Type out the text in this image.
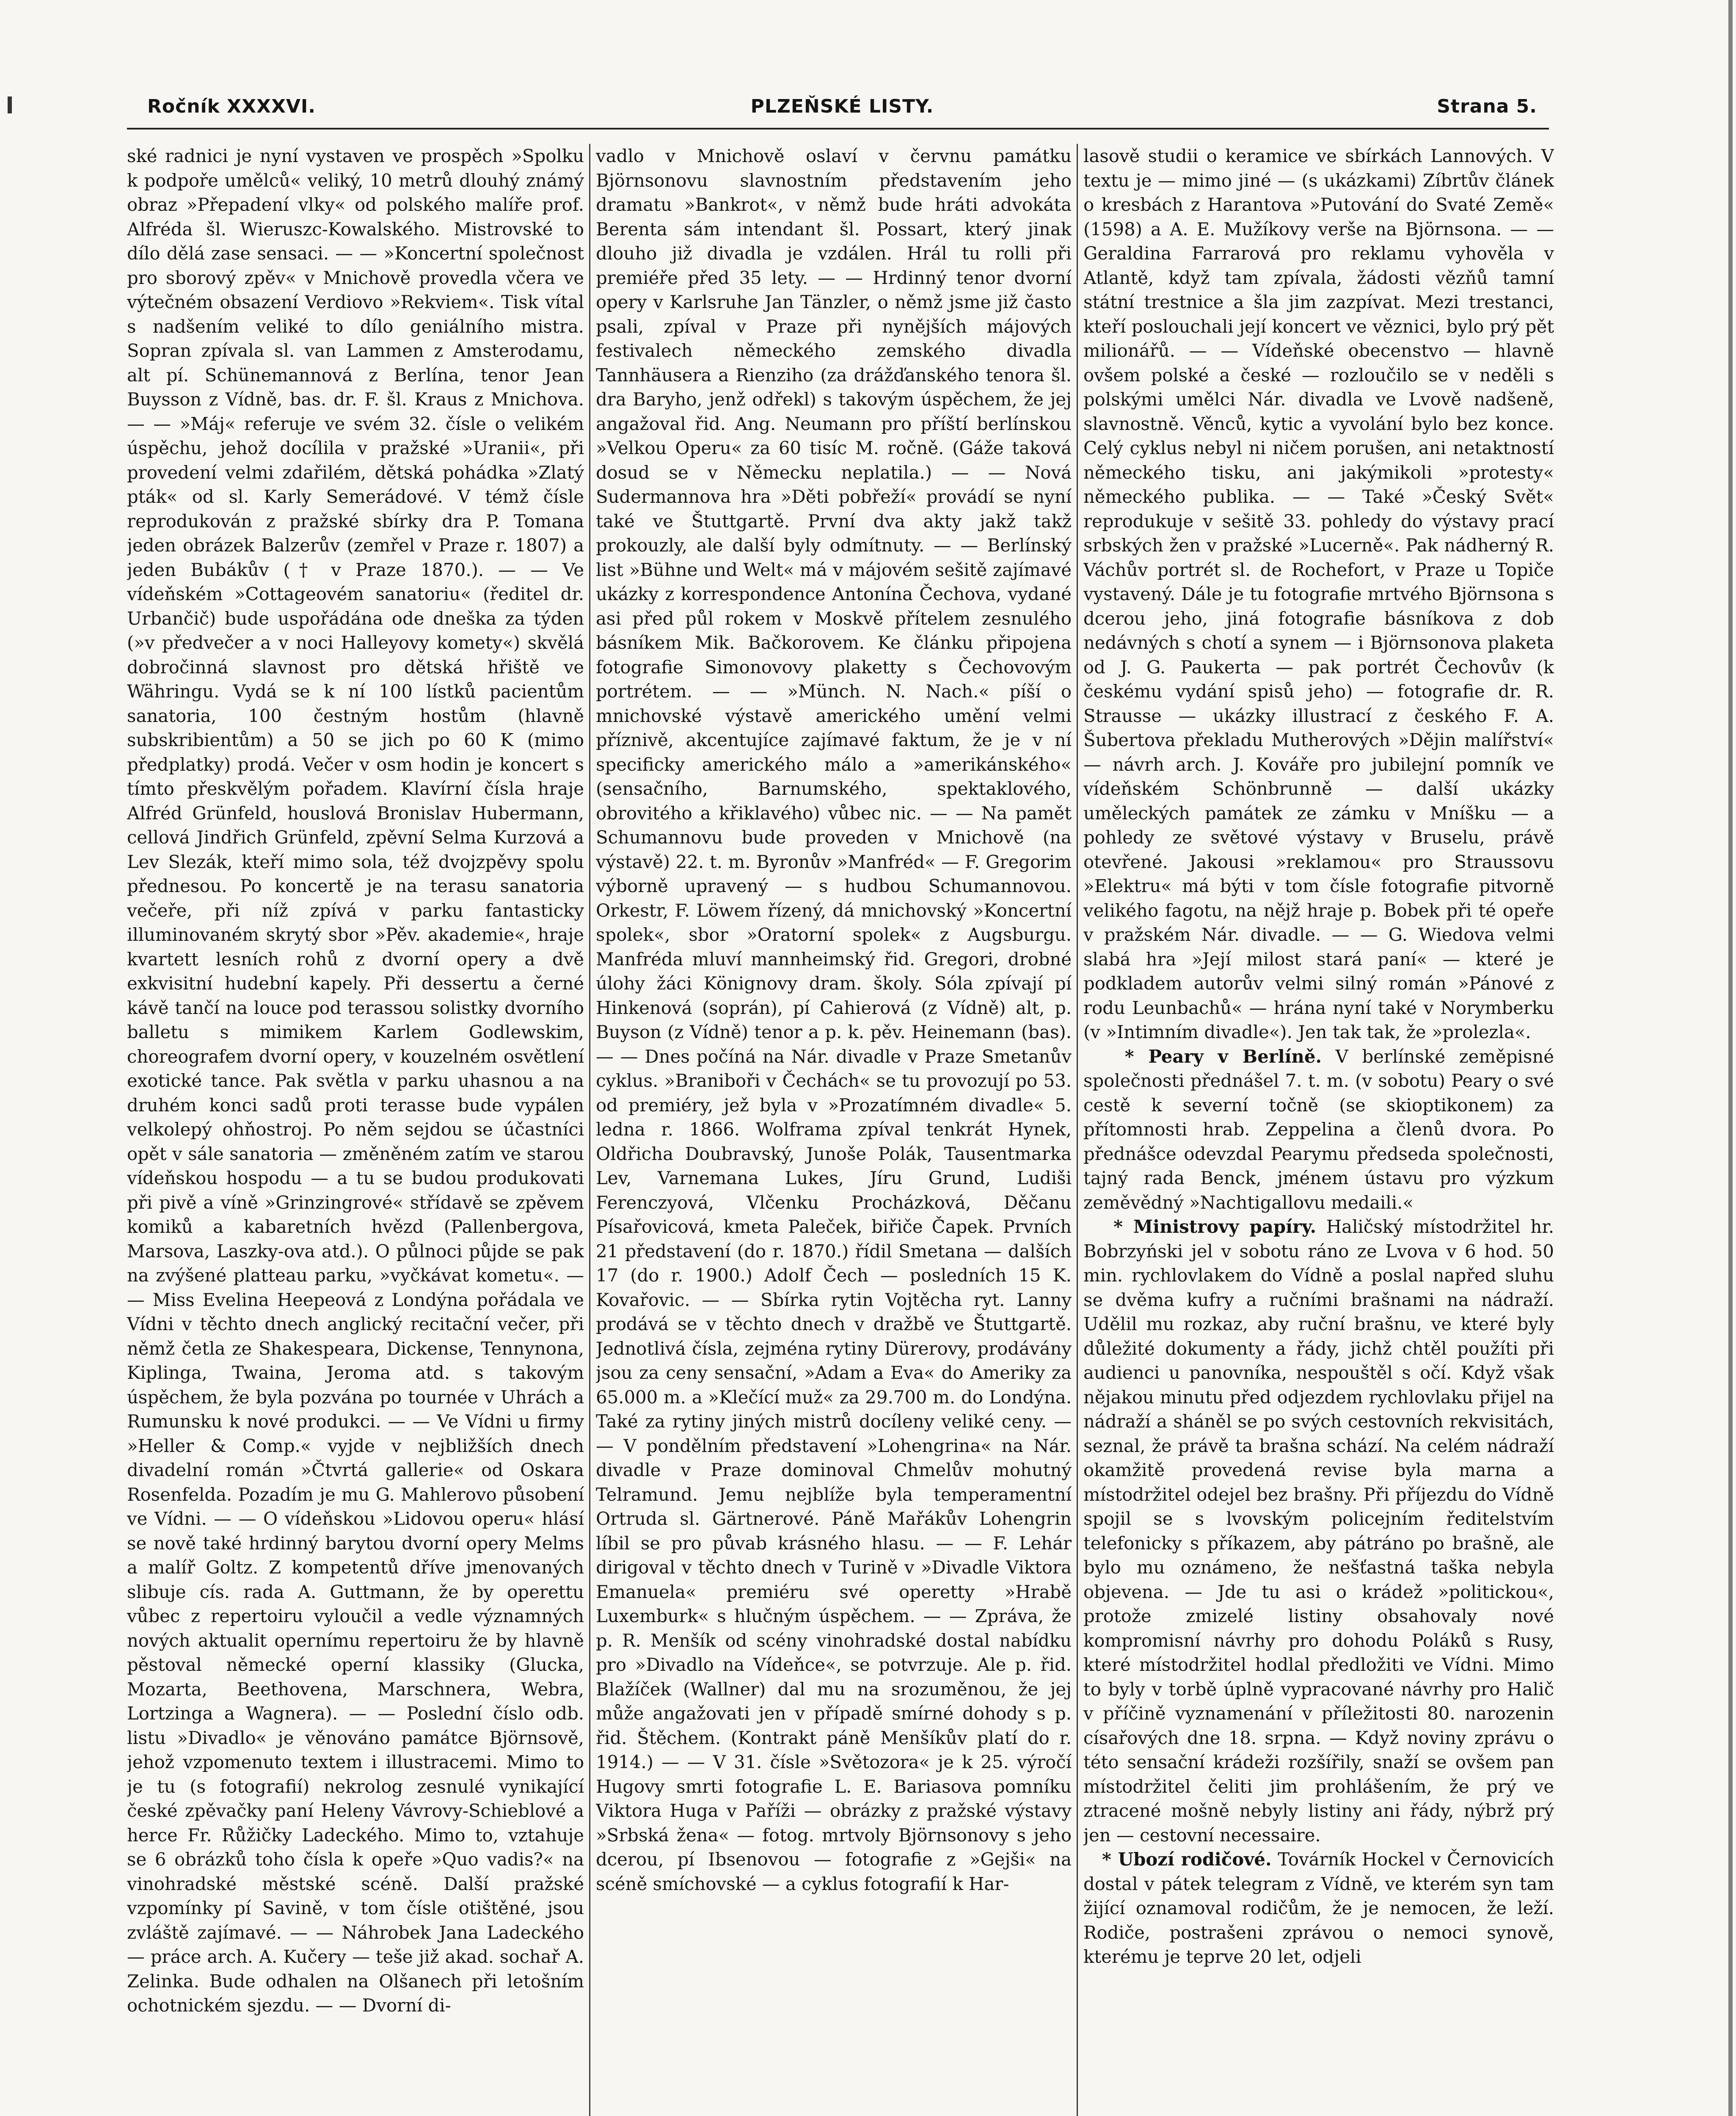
Ročník XXXXVI.	PLZEŇSKÉ LISTY.	Strana 5.

ské radnici je nyní vystaven ve prospěch »Spolku k podpoře umělců« veliký, 10 metrů dlouhý známý obraz »Přepadení vlky« od polského malíře prof. Alfréda šl. Wieruszc-Kowalského. Mistrovské to dílo dělá zase sensaci. — — »Koncertní společnost pro sborový zpěv« v Mnichově provedla včera ve výtečném obsazení Verdiovo »Rekviem«. Tisk vítal s nadšením veliké to dílo geniálního mistra. Sopran zpívala sl. van Lammen z Amsterodamu, alt pí. Schünemannová z Berlína, tenor Jean Buysson z Vídně, bas. dr. F. šl. Kraus z Mnichova. — — »Máj« referuje ve svém 32. čísle o velikém úspěchu, jehož docílila v pražské »Uranii«, při provedení velmi zdařilém, dětská pohádka »Zlatý pták« od sl. Karly Semerádové. V témž čísle reprodukován z pražské sbírky dra P. Tomana jeden obrázek Balzerův (zemřel v Praze r. 1807) a jeden Bubákův († v Praze 1870.). — — Ve vídeňském »Cottageovém sanatoriu« (ředitel dr. Urbančič) bude uspořádána ode dneška za týden (»v předvečer a v noci Halleyovy komety«) skvělá dobročinná slavnost pro dětská hřiště ve Währingu. Vydá se k ní 100 lístků pacientům sanatoria, 100 čestným hostům (hlavně subskribientům) a 50 se jich po 60 K (mimo předplatky) prodá. Večer v osm hodin je koncert s tímto přeskvělým pořadem. Klavírní čísla hraje Alfréd Grünfeld, houslová Bronislav Hubermann, cellová Jindřich Grünfeld, zpěvní Selma Kurzová a Lev Slezák, kteří mimo sola, též dvojzpěvy spolu přednesou. Po koncertě je na terasu sanatoria večeře, při níž zpívá v parku fantasticky illuminovaném skrytý sbor »Pěv. akademie«, hraje kvartett lesních rohů z dvorní opery a dvě exkvisitní hudební kapely. Při dessertu a černé kávě tančí na louce pod terassou solistky dvorního balletu s mimikem Karlem Godlewskim, choreografem dvorní opery, v kouzelném osvětlení exotické tance. Pak světla v parku uhasnou a na druhém konci sadů proti terasse bude vypálen velkolepý ohňostroj. Po něm sejdou se účastníci opět v sále sanatoria — změněném zatím ve starou vídeňskou hospodu — a tu se budou produkovati při pivě a víně »Grinzingrové« střídavě se zpěvem komiků a kabaretních hvězd (Pallenbergova, Marsova, Laszky-ova atd.). O půlnoci půjde se pak na zvýšené platteau parku, »vyčkávat kometu«. — — Miss Evelina Heepeová z Londýna pořádala ve Vídni v těchto dnech anglický recitační večer, při němž četla ze Shakespeara, Dickense, Tennynona, Kiplinga, Twaina, Jeroma atd. s takovým úspěchem, že byla pozvána po tournée v Uhrách a Rumunsku k nové produkci. — — Ve Vídni u firmy »Heller & Comp.« vyjde v nejbližších dnech divadelní román »Čtvrtá gallerie« od Oskara Rosenfelda. Pozadím je mu G. Mahlerovo působení ve Vídni. — — O vídeňskou »Lidovou operu« hlásí se nově také hrdinný barytou dvorní opery Melms a malíř Goltz. Z kompetentů dříve jmenovaných slibuje cís. rada A. Guttmann, že by operettu vůbec z repertoiru vyloučil a vedle významných nových aktualit opernímu repertoiru že by hlavně pěstoval německé operní klassiky (Glucka, Mozarta, Beethovena, Marschnera, Webra, Lortzinga a Wagnera). — — Poslední číslo odb. listu »Divadlo« je věnováno památce Björnsově, jehož vzpomenuto textem i illustracemi. Mimo to je tu (s fotografií) nekrolog zesnulé vynikající české zpěvačky paní Heleny Vávrovy-Schieblové a herce Fr. Růžičky Ladeckého. Mimo to, vztahuje se 6 obrázků toho čísla k opeře »Quo vadis?« na vinohradské městské scéně. Další pražské vzpomínky pí Savině, v tom čísle otištěné, jsou zvláště zajímavé. — — Náhrobek Jana Ladeckého — práce arch. A. Kučery — teše již akad. sochař A. Zelinka. Bude odhalen na Olšanech při letošním ochotnickém sjezdu. — — Dvorní di-

vadlo v Mnichově oslaví v červnu památku Björnsonovu slavnostním představením jeho dramatu »Bankrot«, v němž bude hráti advokáta Berenta sám intendant šl. Possart, který jinak dlouho již divadla je vzdálen. Hrál tu rolli při premiéře před 35 lety. — — Hrdinný tenor dvorní opery v Karlsruhe Jan Tänzler, o němž jsme již často psali, zpíval v Praze při nynějších májových festivalech německého zemského divadla Tannhäusera a Rienziho (za drážďanského tenora šl. dra Baryho, jenž odřekl) s takovým úspěchem, že jej angažoval řid. Ang. Neumann pro příští berlínskou »Velkou Operu« za 60 tisíc M. ročně. (Gáže taková dosud se v Německu neplatila.) — — Nová Sudermannova hra »Děti pobřeží« provádí se nyní také ve Štuttgartě. První dva akty jakž takž prokouzly, ale další byly odmítnuty. — — Berlínský list »Bühne und Welt« má v májovém sešitě zajímavé ukázky z korrespondence Antonína Čechova, vydané asi před půl rokem v Moskvě přítelem zesnulého básníkem Mik. Bačkorovem. Ke článku připojena fotografie Simonovovy plaketty s Čechovovým portrétem. — — »Münch. N. Nach.« píší o mnichovské výstavě amerického umění velmi příznivě, akcentujíce zajímavé faktum, že je v ní specificky amerického málo a »amerikánského« (sensačního, Barnumského, spektaklového, obrovitého a křiklavého) vůbec nic. — — Na pamět Schumannovu bude proveden v Mnichově (na výstavě) 22. t. m. Byronův »Manfréd« — F. Gregorim výborně upravený — s hudbou Schumannovou. Orkestr, F. Löwem řízený, dá mnichovský »Koncertní spolek«, sbor »Oratorní spolek« z Augsburgu. Manfréda mluví mannheimský řid. Gregori, drobné úlohy žáci Könignovy dram. školy. Sóla zpívají pí Hinkenová (soprán), pí Cahierová (z Vídně) alt, p. Buyson (z Vídně) tenor a p. k. pěv. Heinemann (bas). — — Dnes počíná na Nár. divadle v Praze Smetanův cyklus. »Braniboři v Čechách« se tu provozují po 53. od premiéry, jež byla v »Prozatímném divadle« 5. ledna r. 1866. Wolframa zpíval tenkrát Hynek, Oldřicha Doubravský, Junoše Polák, Tausentmarka Lev, Varnemana Lukes, Jíru Grund, Ludiši Ferenczyová, Vlčenku Procházková, Děčanu Písařovicová, kmeta Paleček, biřiče Čapek. Prvních 21 představení (do r. 1870.) řídil Smetana — dalších 17 (do r. 1900.) Adolf Čech — posledních 15 K. Kovařovic. — — Sbírka rytin Vojtěcha ryt. Lanny prodává se v těchto dnech v dražbě ve Štuttgartě. Jednotlivá čísla, zejména rytiny Dürerovy, prodávány jsou za ceny sensační, »Adam a Eva« do Ameriky za 65.000 m. a »Klečící muž« za 29.700 m. do Londýna. Také za rytiny jiných mistrů docíleny veliké ceny. — — V pondělním představení »Lohengrina« na Nár. divadle v Praze dominoval Chmelův mohutný Telramund. Jemu nejblíže byla temperamentní Ortruda sl. Gärtnerové. Páně Mařákův Lohengrin líbil se pro půvab krásného hlasu. — — F. Lehár dirigoval v těchto dnech v Turině v »Divadle Viktora Emanuela« premiéru své operetty »Hrabě Luxemburk« s hlučným úspěchem. — — Zpráva, že p. R. Menšík od scény vinohradské dostal nabídku pro »Divadlo na Vídeňce«, se potvrzuje. Ale p. řid. Blažíček (Wallner) dal mu na srozuměnou, že jej může angažovati jen v případě smírné dohody s p. řid. Štěchem. (Kontrakt páně Menšíkův platí do r. 1914.) — — V 31. čísle »Světozora« je k 25. výročí Hugovy smrti fotografie L. E. Bariasova pomníku Viktora Huga v Paříži — obrázky z pražské výstavy »Srbská žena« — fotog. mrtvoly Björnsonovy s jeho dcerou, pí Ibsenovou — fotografie z »Gejši« na scéně smíchovské — a cyklus fotografií k Har-

lasově studii o keramice ve sbírkách Lannových. V textu je — mimo jiné — (s ukázkami) Zíbrtův článek o kresbách z Harantova »Putování do Svaté Země« (1598) a A. E. Mužíkovy verše na Björnsona. — — Geraldina Farrarová pro reklamu vyhověla v Atlantě, když tam zpívala, žádosti vězňů tamní státní trestnice a šla jim zazpívat. Mezi trestanci, kteří poslouchali její koncert ve věznici, bylo prý pět milionářů. — — Vídeňské obecenstvo — hlavně ovšem polské a české — rozloučilo se v neděli s polskými umělci Nár. divadla ve Lvově nadšeně, slavnostně. Věnců, kytic a vyvolání bylo bez konce. Celý cyklus nebyl ni ničem porušen, ani netaktností německého tisku, ani jakýmikoli »protesty« německého publika. — — Také »Český Svět« reprodukuje v sešitě 33. pohledy do výstavy prací srbských žen v pražské »Lucerně«. Pak nádherný R. Váchův portrét sl. de Rochefort, v Praze u Topiče vystavený. Dále je tu fotografie mrtvého Björnsona s dcerou jeho, jiná fotografie básníkova z dob nedávných s chotí a synem — i Björnsonova plaketa od J. G. Paukerta — pak portrét Čechovův (k českému vydání spisů jeho) — fotografie dr. R. Strausse — ukázky illustrací z českého F. A. Šubertova překladu Mutherových »Dějin malířství« — návrh arch. J. Kováře pro jubilejní pomník ve vídeňském Schönbrunně — další ukázky uměleckých památek ze zámku v Mníšku — a pohledy ze světové výstavy v Bruselu, právě otevřené. Jakousi »reklamou« pro Straussovu »Elektru« má býti v tom čísle fotografie pitvorně velikého fagotu, na nějž hraje p. Bobek při té opeře v pražském Nár. divadle. — — G. Wiedova velmi slabá hra »Její milost stará paní« — které je podkladem autorův velmi silný román »Pánové z rodu Leunbachů« — hrána nyní také v Norymberku (v »Intimním divadle«). Jen tak tak, že »prolezla«.

* Peary v Berlíně. V berlínské zeměpisné společnosti přednášel 7. t. m. (v sobotu) Peary o své cestě k severní točně (se skioptikonem) za přítomnosti hrab. Zeppelina a členů dvora. Po přednášce odevzdal Pearymu předseda společnosti, tajný rada Benck, jménem ústavu pro výzkum zeměvědný »Nachtigallovu medaili.«

* Ministrovy papíry. Haličský místodržitel hr. Bobrzyński jel v sobotu ráno ze Lvova v 6 hod. 50 min. rychlovlakem do Vídně a poslal napřed sluhu se dvěma kufry a ručními brašnami na nádraží. Udělil mu rozkaz, aby ruční brašnu, ve které byly důležité dokumenty a řády, jichž chtěl použíti při audienci u panovníka, nespouštěl s očí. Když však nějakou minutu před odjezdem rychlovlaku přijel na nádraží a sháněl se po svých cestovních rekvisitách, seznal, že právě ta brašna schází. Na celém nádraží okamžitě provedená revise byla marna a místodržitel odejel bez brašny. Při příjezdu do Vídně spojil se s lvovským policejním ředitelstvím telefonicky s příkazem, aby pátráno po brašně, ale bylo mu oznámeno, že nešťastná taška nebyla objevena. — Jde tu asi o krádež »politickou«, protože zmizelé listiny obsahovaly nové kompromisní návrhy pro dohodu Poláků s Rusy, které místodržitel hodlal předložiti ve Vídni. Mimo to byly v torbě úplně vypracované návrhy pro Halič v příčině vyznamenání v příležitosti 80. narozenin císařových dne 18. srpna. — Když noviny zprávu o této sensační krádeži rozšířily, snaží se ovšem pan místodržitel čeliti jim prohlášením, že prý ve ztracené mošně nebyly listiny ani řády, nýbrž prý jen — cestovní necessaire.

* Ubozí rodičové. Továrník Hockel v Černovicích dostal v pátek telegram z Vídně, ve kterém syn tam žijící oznamoval rodičům, že je nemocen, že leží. Rodiče, postrašeni zprávou o nemoci synově, kterému je teprve 20 let, odjeli
